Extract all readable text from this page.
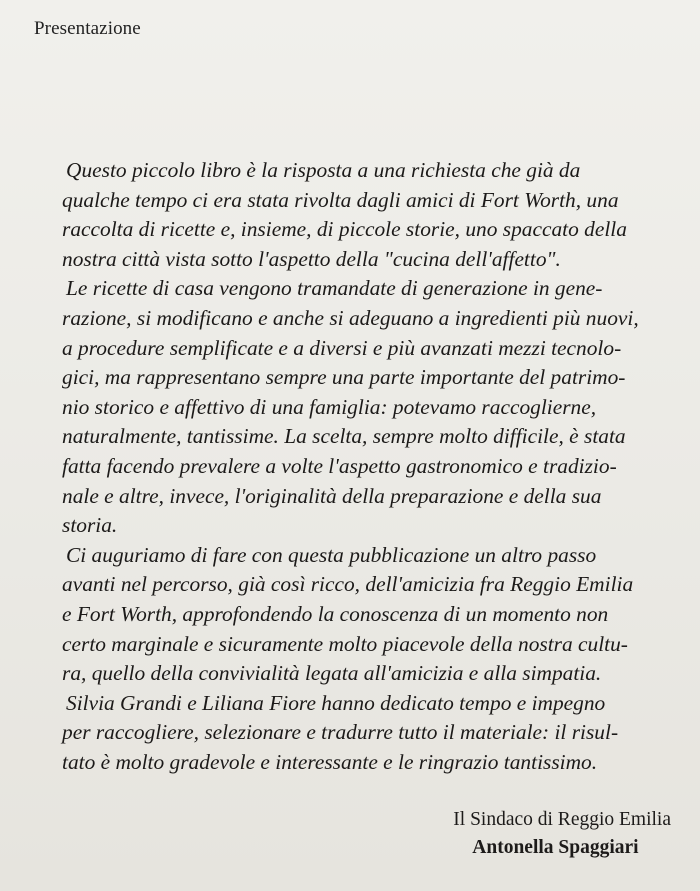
Presentazione
Questo piccolo libro è la risposta a una richiesta che già da
qualche tempo ci era stata rivolta dagli amici di Fort Worth, una
raccolta di ricette e, insieme, di piccole storie, uno spaccato della
nostra città vista sotto l'aspetto della "cucina dell'affetto".
Le ricette di casa vengono tramandate di generazione in gene-
razione, si modificano e anche si adeguano a ingredienti più nuovi,
a procedure semplificate e a diversi e più avanzati mezzi tecnolo-
gici, ma rappresentano sempre una parte importante del patrimo-
nio storico e affettivo di una famiglia: potevamo raccoglierne,
naturalmente, tantissime. La scelta, sempre molto difficile, è stata
fatta facendo prevalere a volte l'aspetto gastronomico e tradizio-
nale e altre, invece, l'originalità della preparazione e della sua
storia.
Ci auguriamo di fare con questa pubblicazione un altro passo
avanti nel percorso, già così ricco, dell'amicizia fra Reggio Emilia
e Fort Worth, approfondendo la conoscenza di un momento non
certo marginale e sicuramente molto piacevole della nostra cultu-
ra, quello della convivialità legata all'amicizia e alla simpatia.
Silvia Grandi e Liliana Fiore hanno dedicato tempo e impegno
per raccogliere, selezionare e tradurre tutto il materiale: il risul-
tato è molto gradevole e interessante e le ringrazio tantissimo.
Il Sindaco di Reggio Emilia
Antonella Spaggiari
